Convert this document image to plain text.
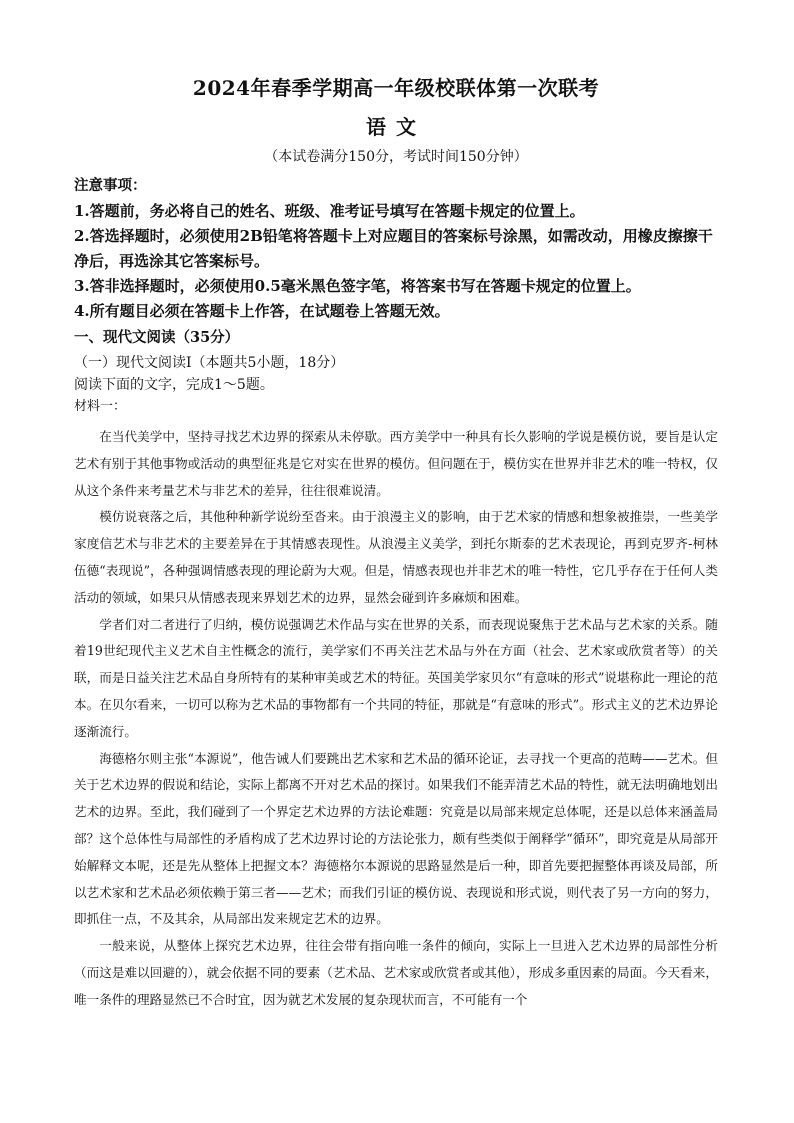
2024年春季学期高一年级校联体第一次联考
语文

（本试卷满分150分，考试时间150分钟）

注意事项：

1.答题前，务必将自己的姓名、班级、准考证号填写在答题卡规定的位置上。

2.答选择题时，必须使用2B铅笔将答题卡上对应题目的答案标号涂黑，如需改动，用橡皮擦擦干净后，再选涂其它答案标号。

3.答非选择题时，必须使用0.5毫米黑色签字笔，将答案书写在答题卡规定的位置上。

4.所有题目必须在答题卡上作答，在试题卷上答题无效。

一、现代文阅读（35分）

（一）现代文阅读Ⅰ（本题共5小题，18分）

阅读下面的文字，完成1～5题。

材料一：

在当代美学中，坚持寻找艺术边界的探索从未停歇。西方美学中一种具有长久影响的学说是模仿说，要旨是认定艺术有别于其他事物或活动的典型征兆是它对实在世界的模仿。但问题在于，模仿实在世界并非艺术的唯一特权，仅从这个条件来考量艺术与非艺术的差异，往往很难说清。

模仿说衰落之后，其他种种新学说纷至沓来。由于浪漫主义的影响，由于艺术家的情感和想象被推崇，一些美学家度信艺术与非艺术的主要差异在于其情感表现性。从浪漫主义美学，到托尔斯泰的艺术表现论，再到克罗齐-柯林伍德“表现说”，各种强调情感表现的理论蔚为大观。但是，情感表现也并非艺术的唯一特性，它几乎存在于任何人类活动的领域，如果只从情感表现来界划艺术的边界，显然会碰到许多麻烦和困难。

学者们对二者进行了归纳，模仿说强调艺术作品与实在世界的关系，而表现说聚焦于艺术品与艺术家的关系。随着19世纪现代主义艺术自主性概念的流行，美学家们不再关注艺术品与外在方面（社会、艺术家或欣赏者等）的关联，而是日益关注艺术品自身所特有的某种审美或艺术的特征。英国美学家贝尔“有意味的形式”说堪称此一理论的范本。在贝尔看来，一切可以称为艺术品的事物都有一个共同的特征，那就是“有意味的形式”。形式主义的艺术边界论逐渐流行。

海德格尔则主张“本源说”，他告诫人们要跳出艺术家和艺术品的循环论证，去寻找一个更高的范畴——艺术。但关于艺术边界的假说和结论，实际上都离不开对艺术品的探讨。如果我们不能弄清艺术品的特性，就无法明确地划出艺术的边界。至此，我们碰到了一个界定艺术边界的方法论难题：究竟是以局部来规定总体呢，还是以总体来涵盖局部？这个总体性与局部性的矛盾构成了艺术边界讨论的方法论张力，颇有些类似于阐释学“循环”，即究竟是从局部开始解释文本呢，还是先从整体上把握文本？海德格尔本源说的思路显然是后一种，即首先要把握整体再谈及局部，所以艺术家和艺术品必须依赖于第三者——艺术；而我们引证的模仿说、表现说和形式说，则代表了另一方向的努力，即抓住一点，不及其余，从局部出发来规定艺术的边界。

一般来说，从整体上探究艺术边界，往往会带有指向唯一条件的倾向，实际上一旦进入艺术边界的局部性分析（而这是难以回避的），就会依据不同的要素（艺术品、艺术家或欣赏者或其他），形成多重因素的局面。今天看来，唯一条件的理路显然已不合时宜，因为就艺术发展的复杂现状而言，不可能有一个
